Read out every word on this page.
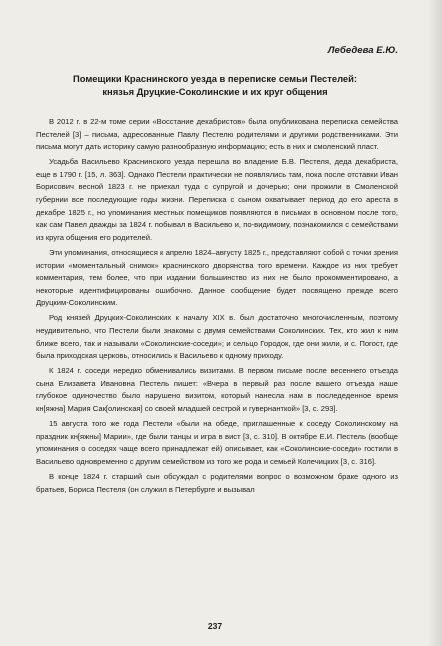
Лебедева Е.Ю.

Помещики Краснинского уезда в переписке семьи Пестелей:
князья Друцкие-Соколинские и их круг общения

В 2012 г. в 22-м томе серии «Восстание декабристов» была опубликована переписка семейства Пестелей [3] – письма, адресованные Павлу Пестелю родителями и другими родственниками. Эти письма могут дать историку самую разнообразную информацию; есть в них и смоленский пласт.

Усадьба Васильево Краснинского уезда перешла во владение Б.В. Пестеля, деда декабриста, еще в 1790 г. [15, л. 363]. Однако Пестели практически не появлялись там, пока после отставки Иван Борисович весной 1823 г. не приехал туда с супругой и дочерью; они прожили в Смоленской губернии все последующие годы жизни. Переписка с сыном охватывает период до его ареста в декабре 1825 г., но упоминания местных помещиков появляются в письмах в основном после того, как сам Павел дважды за 1824 г. побывал в Васильево и, по-видимому, познакомился с семействами из круга общения его родителей.

Эти упоминания, относящиеся к апрелю 1824–августу 1825 г., представляют собой с точки зрения истории «моментальный снимок» краснинского дворянства того времени. Каждое из них требует комментария, тем более, что при издании большинство из них не было прокомментировано, а некоторые идентифицированы ошибочно. Данное сообщение будет посвящено прежде всего Друцким-Соколинским.

Род князей Друцких-Соколинских к началу XIX в. был достаточно многочисленным, поэтому неудивительно, что Пестели были знакомы с двумя семействами Соколинских. Тех, кто жил к ним ближе всего, так и называли «Соколинские-соседи»; и сельцо Городок, где они жили, и с. Погост, где была приходская церковь, относились к Васильево к одному приходу.

К 1824 г. соседи нередко обменивались визитами. В первом письме после весеннего отъезда сына Елизавета Ивановна Пестель пишет: «Вчера в первый раз после вашего отъезда наше глубокое одиночество было нарушено визитом, который нанесла нам в последеденное время кн[яжна] Мария Сак[олинская] со своей младшей сестрой и гувернанткой» [3, с. 293].

15 августа того же года Пестели «были на обеде, приглашенные к соседу Соколинскому на праздник кн[яжны] Марии», где были танцы и игра в вист [3, с. 310]. В октябре Е.И. Пестель (вообще упоминания о соседях чаще всего принадлежат ей) описывает, как «Соколинские-соседи» гостили в Васильево одновременно с другим семейством из того же рода и семьей Колечицких [3, с. 316].

В конце 1824 г. старший сын обсуждал с родителями вопрос о возможном браке одного из братьев, Бориса Пестеля (он служил в Петербурге и вызывал

237
